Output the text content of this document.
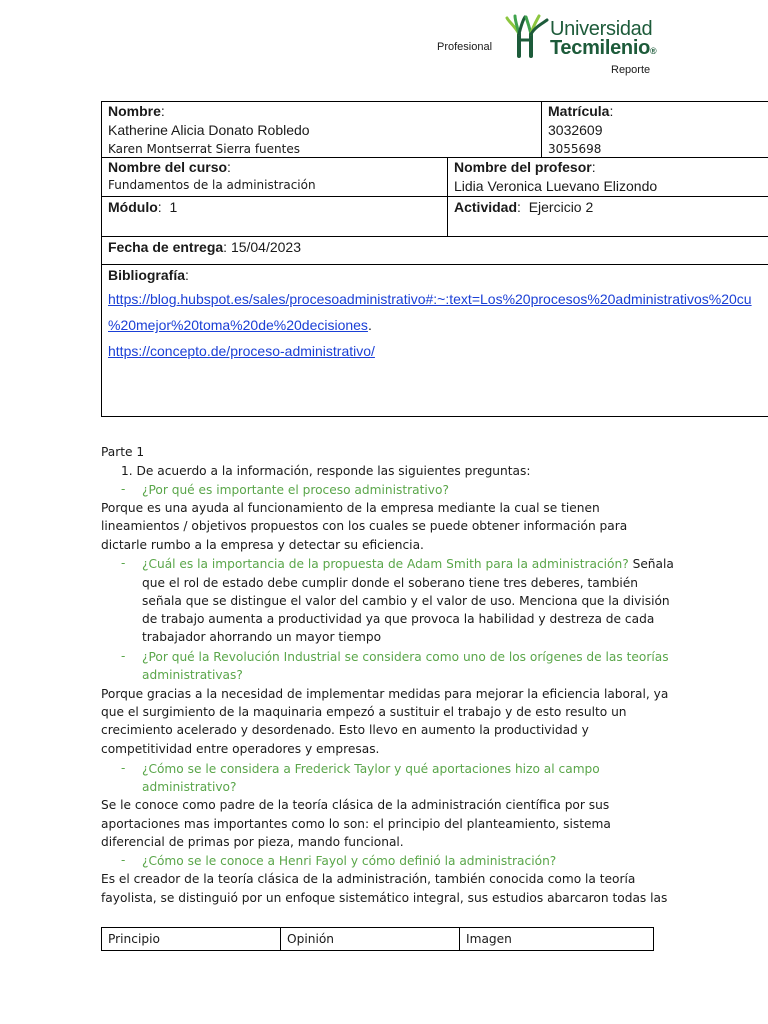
Profesional
Universidad
Tecmilenio®
Reporte
Nombre:
Katherine Alicia Donato Robledo
Karen Montserrat Sierra fuentes
Matrícula:
3032609
3055698
Nombre del curso:
Fundamentos de la administración
Nombre del profesor:
Lidia Veronica Luevano Elizondo
Módulo:  1	Actividad:  Ejercicio 2
Fecha de entrega: 15/04/2023
Bibliografía:
https://blog.hubspot.es/sales/procesoadministrativo#:~:text=Los%20procesos%20administrativos%20cu
%20mejor%20toma%20de%20decisiones.
https://concepto.de/proceso-administrativo/
Parte 1
1. De acuerdo a la información, responde las siguientes preguntas:
- ¿Por qué es importante el proceso administrativo?
Porque es una ayuda al funcionamiento de la empresa mediante la cual se tienen
lineamientos / objetivos propuestos con los cuales se puede obtener información para
dictarle rumbo a la empresa y detectar su eficiencia.
- ¿Cuál es la importancia de la propuesta de Adam Smith para la administración? Señala
que el rol de estado debe cumplir donde el soberano tiene tres deberes, también
señala que se distingue el valor del cambio y el valor de uso. Menciona que la división
de trabajo aumenta a productividad ya que provoca la habilidad y destreza de cada
trabajador ahorrando un mayor tiempo
- ¿Por qué la Revolución Industrial se considera como uno de los orígenes de las teorías
administrativas?
Porque gracias a la necesidad de implementar medidas para mejorar la eficiencia laboral, ya
que el surgimiento de la maquinaria empezó a sustituir el trabajo y de esto resulto un
crecimiento acelerado y desordenado. Esto llevo en aumento la productividad y
competitividad entre operadores y empresas.
- ¿Cómo se le considera a Frederick Taylor y qué aportaciones hizo al campo
administrativo?
Se le conoce como padre de la teoría clásica de la administración científica por sus
aportaciones mas importantes como lo son: el principio del planteamiento, sistema
diferencial de primas por pieza, mando funcional.
- ¿Cómo se le conoce a Henri Fayol y cómo definió la administración?
Es el creador de la teoría clásica de la administración, también conocida como la teoría
fayolista, se distinguió por un enfoque sistemático integral, sus estudios abarcaron todas las
Principio	Opinión	Imagen
